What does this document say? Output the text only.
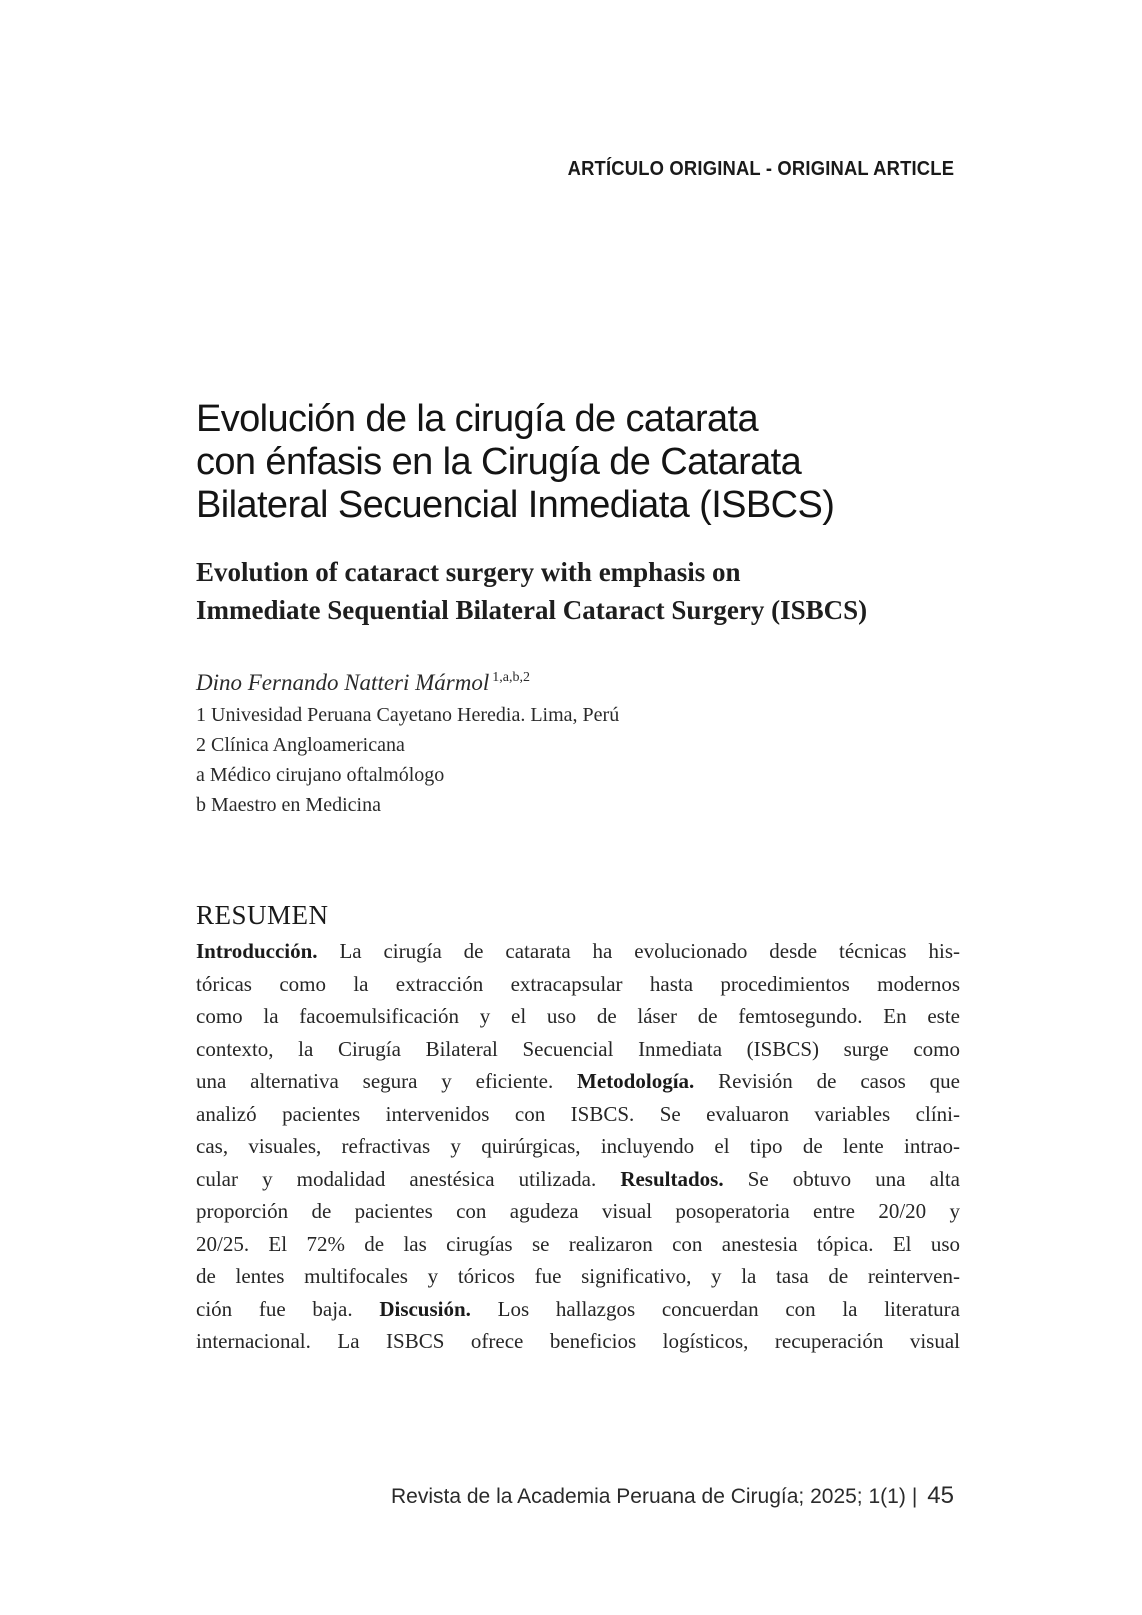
ARTÍCULO ORIGINAL - ORIGINAL ARTICLE
Evolución de la cirugía de catarata
con énfasis en la Cirugía de Catarata
Bilateral Secuencial Inmediata (ISBCS)
Evolution of cataract surgery with emphasis on
Immediate Sequential Bilateral Cataract Surgery (ISBCS)
Dino Fernando Natteri Mármol $^{1,a,b,2}$
1 Univesidad Peruana Cayetano Heredia. Lima, Perú
2 Clínica Angloamericana
a Médico cirujano oftalmólogo
b Maestro en Medicina
RESUMEN
Introducción. La cirugía de catarata ha evolucionado desde técnicas his-
tóricas como la extracción extracapsular hasta procedimientos modernos
como la facoemulsificación y el uso de láser de femtosegundo. En este
contexto, la Cirugía Bilateral Secuencial Inmediata (ISBCS) surge como
una alternativa segura y eficiente. Metodología. Revisión de casos que
analizó pacientes intervenidos con ISBCS. Se evaluaron variables clíni-
cas, visuales, refractivas y quirúrgicas, incluyendo el tipo de lente intrao-
cular y modalidad anestésica utilizada. Resultados. Se obtuvo una alta
proporción de pacientes con agudeza visual posoperatoria entre 20/20 y
20/25. El 72% de las cirugías se realizaron con anestesia tópica. El uso
de lentes multifocales y tóricos fue significativo, y la tasa de reinterven-
ción fue baja. Discusión. Los hallazgos concuerdan con la literatura
internacional. La ISBCS ofrece beneficios logísticos, recuperación visual
Revista de la Academia Peruana de Cirugía; 2025; 1(1) | 45
